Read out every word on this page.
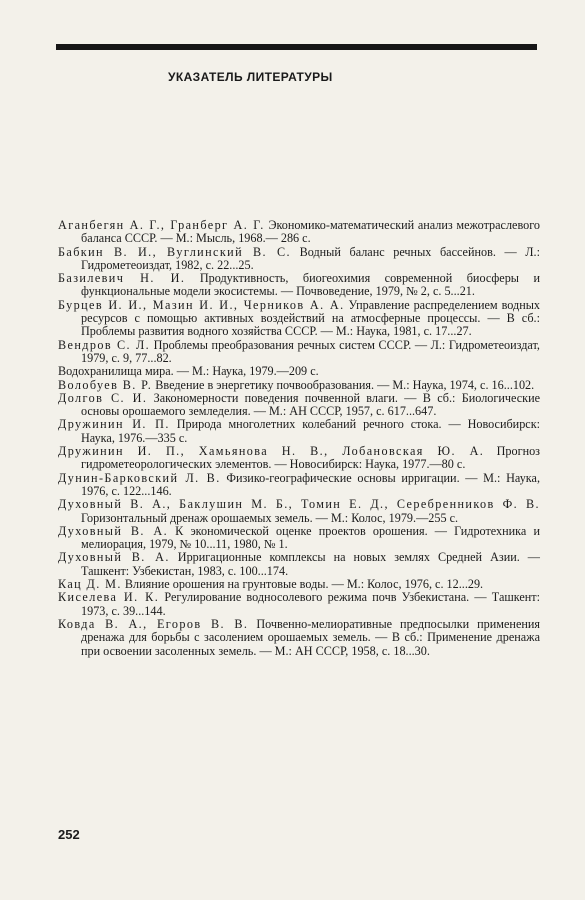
УКАЗАТЕЛЬ ЛИТЕРАТУРЫ

Аганбегян А. Г., Гранберг А. Г. Экономико-математический анализ межотраслевого баланса СССР. — М.: Мысль, 1968.— 286 с.

Бабкин В. И., Вуглинский В. С. Водный баланс речных бассейнов. — Л.: Гидрометеоиздат, 1982, с. 22...25.

Базилевич Н. И. Продуктивность, биогеохимия современной биосферы и функциональные модели экосистемы. — Почвоведение, 1979, № 2, с. 5...21.

Бурцев И. И., Мазин И. И., Черников А. А. Управление распределением водных ресурсов с помощью активных воздействий на атмосферные процессы. — В сб.: Проблемы развития водного хозяйства СССР. — М.: Наука, 1981, с. 17...27.

Вендров С. Л. Проблемы преобразования речных систем СССР. — Л.: Гидрометеоиздат, 1979, с. 9, 77...82.

Водохранилища мира. — М.: Наука, 1979.—209 с.

Волобуев В. Р. Введение в энергетику почвообразования. — М.: Наука, 1974, с. 16...102.

Долгов С. И. Закономерности поведения почвенной влаги. — В сб.: Биологические основы орошаемого земледелия. — М.: АН СССР, 1957, с. 617...647.

Дружинин И. П. Природа многолетних колебаний речного стока. — Новосибирск: Наука, 1976.—335 с.

Дружинин И. П., Хамьянова Н. В., Лобановская Ю. А. Прогноз гидрометеорологических элементов. — Новосибирск: Наука, 1977.—80 с.

Дунин-Барковский Л. В. Физико-географические основы ирригации. — М.: Наука, 1976, с. 122...146.

Духовный В. А., Баклушин М. Б., Томин Е. Д., Серебренников Ф. В. Горизонтальный дренаж орошаемых земель. — М.: Колос, 1979.—255 с.

Духовный В. А. К экономической оценке проектов орошения. — Гидротехника и мелиорация, 1979, № 10...11, 1980, № 1.

Духовный В. А. Ирригационные комплексы на новых землях Средней Азии. — Ташкент: Узбекистан, 1983, с. 100...174.

Кац Д. М. Влияние орошения на грунтовые воды. — М.: Колос, 1976, с. 12...29.

Киселева И. К. Регулирование водносолевого режима почв Узбекистана. — Ташкент: 1973, с. 39...144.

Ковда В. А., Егоров В. В. Почвенно-мелиоративные предпосылки применения дренажа для борьбы с засолением орошаемых земель. — В сб.: Применение дренажа при освоении засоленных земель. — М.: АН СССР, 1958, с. 18...30.

252
